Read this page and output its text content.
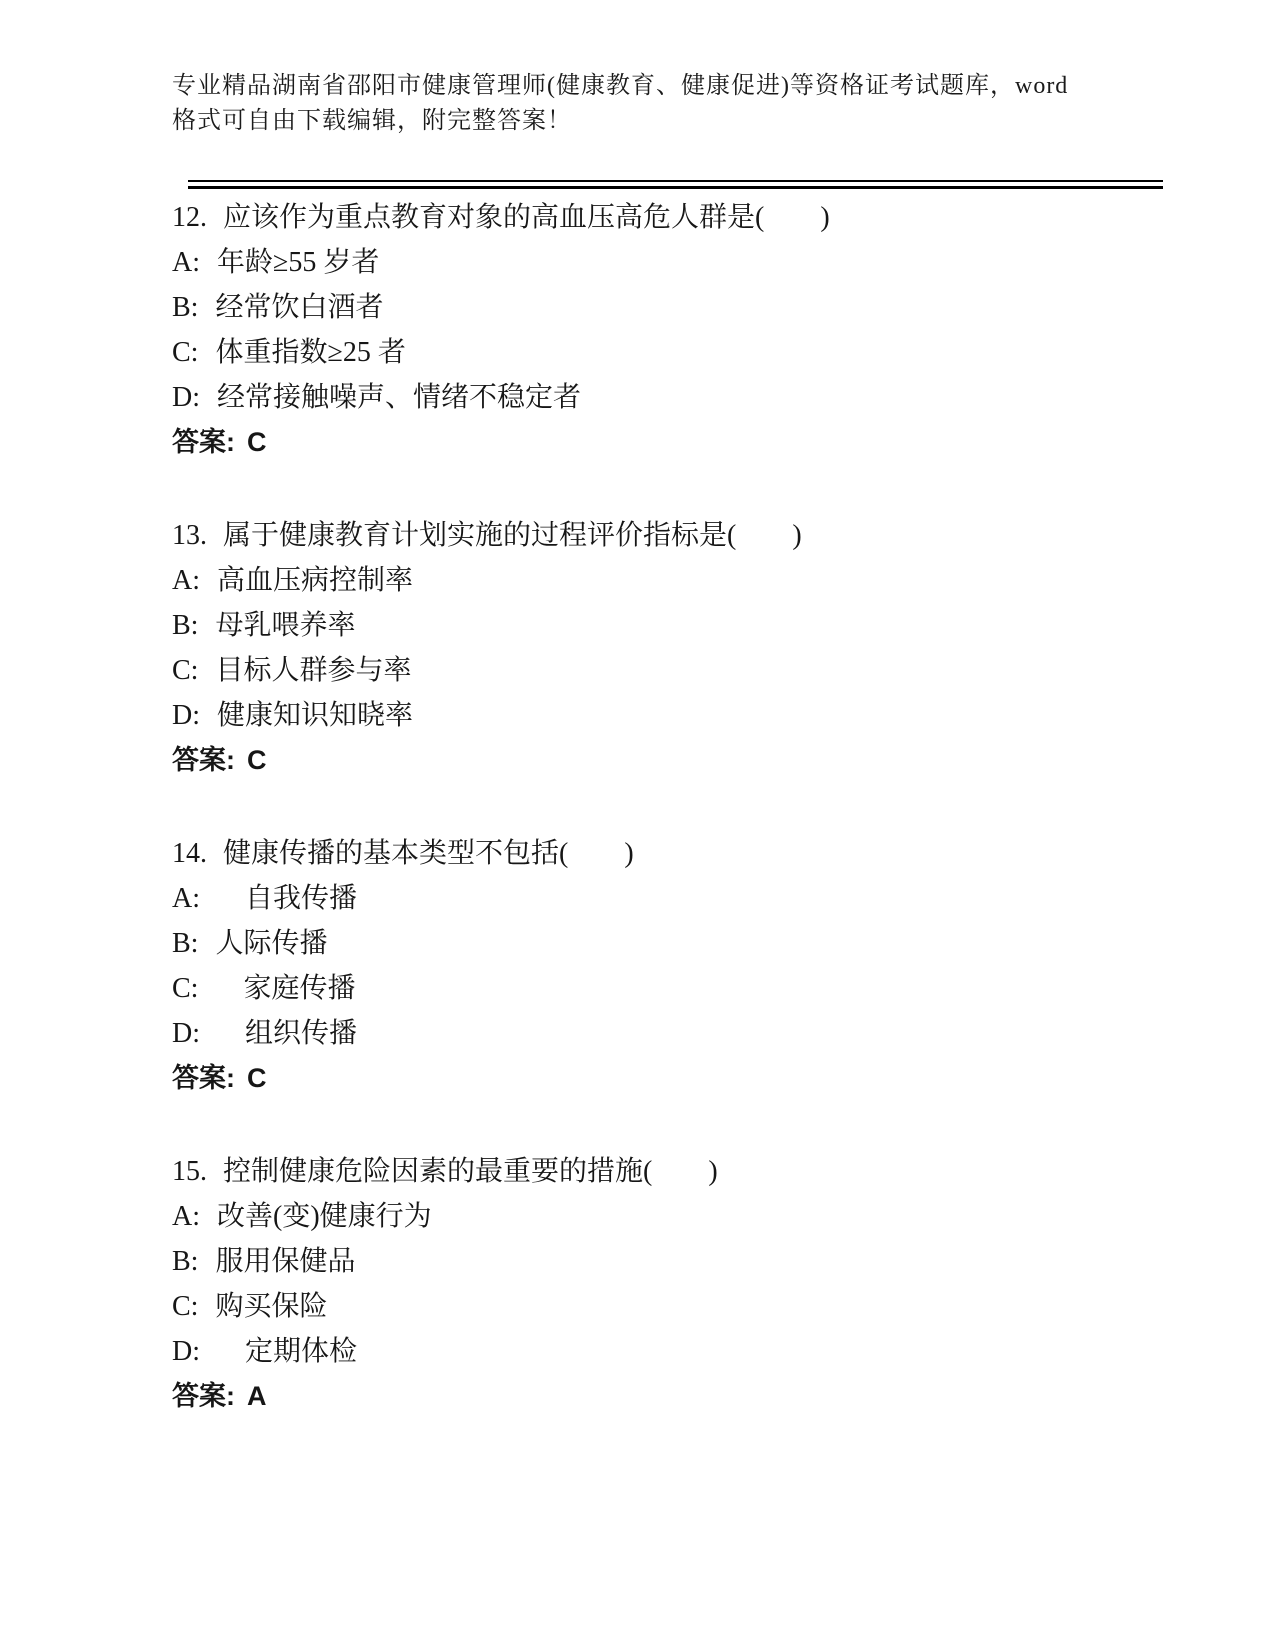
专业精品湖南省邵阳市健康管理师(健康教育、健康促进)等资格证考试题库，word
格式可自由下载编辑，附完整答案！
12. 应该作为重点教育对象的高血压高危人群是(　　)
A: 年龄≥55 岁者
B: 经常饮白酒者
C: 体重指数≥25 者
D: 经常接触噪声、情绪不稳定者
答案: C
13. 属于健康教育计划实施的过程评价指标是(　　)
A: 高血压病控制率
B: 母乳喂养率
C: 目标人群参与率
D: 健康知识知晓率
答案: C
14. 健康传播的基本类型不包括(　　)
A:　自我传播
B: 人际传播
C:　家庭传播
D:　组织传播
答案: C
15. 控制健康危险因素的最重要的措施(　　)
A: 改善(变)健康行为
B: 服用保健品
C: 购买保险
D:　定期体检
答案: A
